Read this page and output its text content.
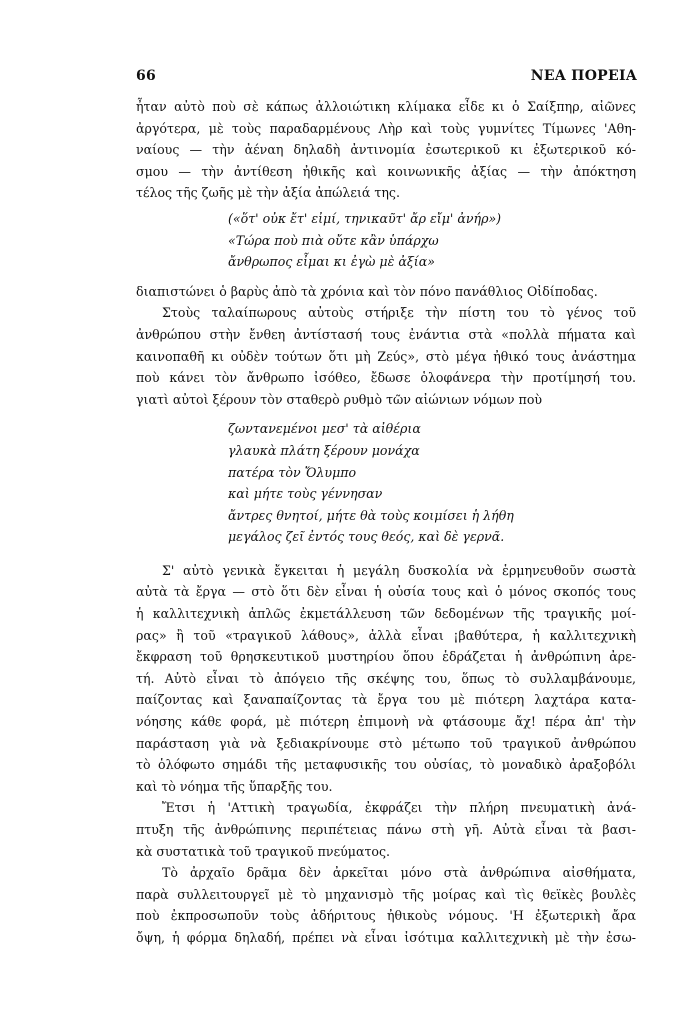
66	ΝΕΑ ΠΟΡΕΙΑ
ἦταν αὐτὸ ποὺ σὲ κάπως ἀλλοιώτικη κλίμακα εἶδε κι ὁ Σαίξπηρ, αἰῶνες
ἀργότερα, μὲ τοὺς παραδαρμένους Λὴρ καὶ τοὺς γυμνίτες Τίμωνες 'Αθη-
ναίους — τὴν ἀέναη δηλαδὴ ἀντινομία ἐσωτερικοῦ κι ἐξωτερικοῦ κό-
σμου — τὴν ἀντίθεση ἠθικῆς καὶ κοινωνικῆς ἀξίας — τὴν ἀπόκτηση
τέλος τῆς ζωῆς μὲ τὴν ἀξία ἀπώλειά της.
(«ὅτ' οὐκ ἔτ' εἰμί, τηνικαῦτ' ἄρ εἴμ' ἀνήρ»)
«Τώρα ποὺ πιὰ οὔτε κἂν ὑπάρχω
ἄνθρωπος εἶμαι κι ἐγὼ μὲ ἀξία»
διαπιστώνει ὁ βαρὺς ἀπὸ τὰ χρόνια καὶ τὸν πόνο πανάθλιος Οἰδίποδας.
Στοὺς ταλαίπωρους αὐτοὺς στήριξε τὴν πίστη του τὸ γένος τοῦ
ἀνθρώπου στὴν ἔνθεη ἀντίστασή τους ἐνάντια στὰ «πολλὰ πήματα καὶ
καινοπαθῆ κι οὐδὲν τούτων ὅτι μὴ Ζεύς», στὸ μέγα ἠθικό τους ἀνάστημα
ποὺ κάνει τὸν ἄνθρωπο ἰσόθεο, ἔδωσε ὁλοφάνερα τὴν προτίμησή του.
γιατὶ αὐτοὶ ξέρουν τὸν σταθερὸ ρυθμὸ τῶν αἰώνιων νόμων ποὺ
ζωντανεμένοι μεσ' τὰ αἰθέρια
γλαυκὰ πλάτη ξέρουν μονάχα
πατέρα τὸν Ὄλυμπο
καὶ μήτε τοὺς γέννησαν
ἄντρες θνητοί, μήτε θὰ τοὺς κοιμίσει ἡ λήθη
μεγάλος ζεῖ ἐντός τους θεός, καὶ δὲ γερνᾶ.
Σ' αὐτὸ γενικὰ ἔγκειται ἡ μεγάλη δυσκολία νὰ ἑρμηνευθοῦν σωστὰ
αὐτὰ τὰ ἔργα — στὸ ὅτι δὲν εἶναι ἡ οὐσία τους καὶ ὁ μόνος σκοπός τους
ἡ καλλιτεχνικὴ ἁπλῶς ἐκμετάλλευση τῶν δεδομένων τῆς τραγικῆς μοί-
ρας» ἢ τοῦ «τραγικοῦ λάθους», ἀλλὰ εἶναι ¡βαθύτερα, ἡ καλλιτεχνικὴ
ἔκφραση τοῦ θρησκευτικοῦ μυστηρίου ὅπου ἑδράζεται ἡ ἀνθρώπινη ἀρε-
τή. Αὐτὸ εἶναι τὸ ἀπόγειο τῆς σκέψης του, ὅπως τὸ συλλαμβάνουμε,
παίζοντας καὶ ξαναπαίζοντας τὰ ἔργα του μὲ πιότερη λαχτάρα κατα-
νόησης κάθε φορά, μὲ πιότερη ἐπιμονὴ νὰ φτάσουμε ἄχ! πέρα ἀπ' τὴν
παράσταση γιὰ νὰ ξεδιακρίνουμε στὸ μέτωπο τοῦ τραγικοῦ ἀνθρώπου
τὸ ὁλόφωτο σημάδι τῆς μεταφυσικῆς του οὐσίας, τὸ μοναδικὸ ἀραξοβόλι
καὶ τὸ νόημα τῆς ὕπαρξῆς του.
Ἔτσι ἡ 'Αττικὴ τραγωδία, ἐκφράζει τὴν πλήρη πνευματικὴ ἀνά-
πτυξη τῆς ἀνθρώπινης περιπέτειας πάνω στὴ γῆ. Αὐτὰ εἶναι τὰ βασι-
κὰ συστατικὰ τοῦ τραγικοῦ πνεύματος.
Τὸ ἀρχαῖο δρᾶμα δὲν ἀρκεῖται μόνο στὰ ἀνθρώπινα αἰσθήματα,
παρὰ συλλειτουργεῖ μὲ τὸ μηχανισμὸ τῆς μοίρας καὶ τὶς θεϊκὲς βουλὲς
ποὺ ἐκπροσωποῦν τοὺς ἀδήριτους ἠθικοὺς νόμους. 'Η ἐξωτερικὴ ἄρα
ὄψη, ἡ φόρμα δηλαδή, πρέπει νὰ εἶναι ἰσότιμα καλλιτεχνικὴ μὲ τὴν ἐσω-
